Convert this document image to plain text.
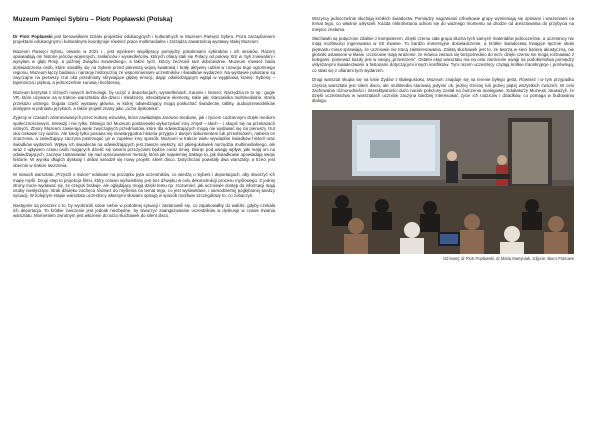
Muzeum Pamięci Sybiru – Piotr Popławski (Polska)

Dr Piotr Popławski jest kierownikiem Działu projektów edukacyjnych i kulturalnych w Muzeum Pamięci Sybiru. Poza zarządzaniem projektami edukacyjnymi i kulturalnymi koordynuje również prace multimedialne i zarządza zawartością wystawy stałej Muzeum.

Muzeum Pamięci Sybiru, otwarte w 2021 r., jest wynikiem współpracy pomiędzy pokoleniami sybiraków i ich wnuków. Razem opowiadają oni historie jeńców wojennych, zesłańców i wysiedleńców, których ofiarą stali się Polacy od połowy XIX w. byli zniewalani i wysyłani w głąb Rosji, a później Związku Sowieckiego, a także tych, którzy zechcieli tam dobrowolnie. Muzeum również bada doświadczenia osób, które osiedliły się na Syberii przed pierwszą wojną światową i brały aktywny udział w rozwoju tego ogromnego regionu. Muzeum łączy badania i narrację historyczną ze wspomnieniami uczestników i świadków wydarzeń. Na wystawie pokazane są zwyczajne na pierwszy rzut oka przedmioty skrywające głębię emocji, dając odwiedzającym wgląd w wyjątkową krainę: Syberię – tajemniczą i piękną, a jednocześnie surową i bezlitosną.

Muzeum korzysta z różnych nowych technologii, by uczyć o deportacjach, wysiedleniach, traumie i śmierci. Narzędzia te to np.: gogle VR, które używane są w trakcie warsztatów dla dzieci i młodzieży, interaktywne elementy, takie jak: stanowiska multimedialne, strefa przekazu ustnego, bogata część wystawy główna, w której odwiedzający mogą posłuchać świadectw, tablity, audioprzewodników dostępne w jednastu językach, a także projekt znany jako „cicha dyskoteka”.

Żyjemy w czasach zdominowanych przez kulturę wizualną, która zawładnęła zarówno mediami, jak i życiem codziennym dzięki mediom społecznościowym, telewizji i nie tylko. Dlatego też Muzeum postanowiło wykorzystać inny zmysł – słuch – i skupić się na przekazach ustnych. Zbiory Muzeum zawierają wiele zwyczajnych przedmiotów, które dla odwiedzających mogą nie wydawać się na pierwszy rzut oka ciekawe czy ważne. Ale kiedy tylko posiana się niewiarygodna historia przyjęta z danym dokumentem lub przedmiotem, nabiera on znaczenia, a zwiedzający zaczyna postrzegać go w zupełnie inny sposób. Muzeum w trakcie wielu wywiadów świadków historii oraz świadków wydarzeń. Wpływ ich świadectw na odwiedzających jest zawsze większy, niż jakiegokolwiek narzędzia multimedialnego, ale wraz z upływem czasu osób mogących dzielić się swoimi przeżyciami będzie coraz mniej. Biorąc pod uwagę wpływ, jaki mają oni na odwiedzających, zaczęto zastanawiać się nad opracowaniem metody, która jak najwierniej traktuje to, jak świadkowie opowiadają swoje historie. W wyniku długich dyskusji i debat narodził się nowy projekt: silent disco. Dotychczas powstały dwa warsztaty, a trzeci jest obecnie w trakcie tworzenia.

W ramach warsztatu „Przyszli o świcie” edukator na początku pyta uczestników, co wiedzą o Syberii i deportacjach, aby stworzyć ich mapę myśli. Drugi etap to projekcja filmu, który celowo wyświetlany jest bez dźwięku w celu dekonstrukcji procesu myślowego. Z jednej strony może wydawać się, że czegoś brakuje, ale oglądający mogą dzięki temu np. zrozumieć, jak uczniowie dostęp do informacji mają osoby niesłyszące. Brak dźwięku zachęca również do myślenia na temat tego, co jest wyświetlane, i samodzielnej pogłębionej analizy sytuacji. W kolejnym etapie warsztatu uczestnicy własnymi słowami opisują w sposób możliwie szczegółowy to, co zobaczyli.

Następnie są proszeni o to, by wyobrazili sobie siebie w podobnej sytuacji i zastanowili się, co zapakowałby do walizki, gdyby czekała ich deportacja. To krótkie ćwiczenie jest jednak niezbędne, by stworzyć zaangażowanie uczestników w dyskusję w czasie trwania warsztatu. Momentem zwrotnym jest włożenie do uszu słuchawek do silent disco.

Wszyscy jednocześnie słuchają krótkich świadectw. Pomiędzy nagraniami członkowie grupy wymieniają się opiniami i wrażeniami na temat tego, co właśnie usłyszeli. Każda mikrohistoria odnosi się do ważnego momentu na drodze od aresztowania do przybycia na miejsce zesłania.

Słuchawki są połączone zdalnie z komputerem, dzięki czemu cała grupa słucha tych samych materiałów jednocześnie, a uczestnicy nie mają możliwości ingerowania w ich trwanie. To bardzo immersyjne doświadczenie, a krótkie świadectwa trwające łącznie około piętnastu minut sprawiają, że uczniowie nie tracą zainteresowania. Zaletą słuchawek jest to, że tworzą w sieci barierę akustyczną, nie głośniki ustawione w klasie. Uczniowie mają wrażenie, że mówca zwraca się bezpośrednio do nich, dzięki czemu nie mogą rozmawiać z kolegami, ponieważ każdy jest w swojej „przestrzeni”. Ostatni etap warsztatu ma na celu zwrócenie uwagi na podobieństwa pomiędzy usłyszanymi świadectwami a historiami dotyczącymi innych konfliktów. Tym razem uczestnicy czytają krótkie transkrypcje i porównują, co stało się z ofiarami tych wydarzeń.

Drugi warsztat skupia się na losie Żydów z Białegostoku. Muzeum znajduje się na terenie byłego getta. Również i w tym przypadku częścią warsztatu jest silent disco, ale multimedia stanowią jedynie ok. jednej trzeciej lub jednej piątej wszystkich ćwiczeń. W celu zachowania różnorodności i interaktywności dużo nacisk położony został na ćwiczenia analogowe. Edukatorzy Muzeum zauważyli, że dzięki uczestnictwu w warsztatach uczniów zaczyna bardziej interesować życie ich rodziców i dziadków, co pomaga w budowaniu dialogu.

Od lewej: dr Piotr Popławski, dr Maria Martyniak, zdjęcie: Biuro Prasowe
